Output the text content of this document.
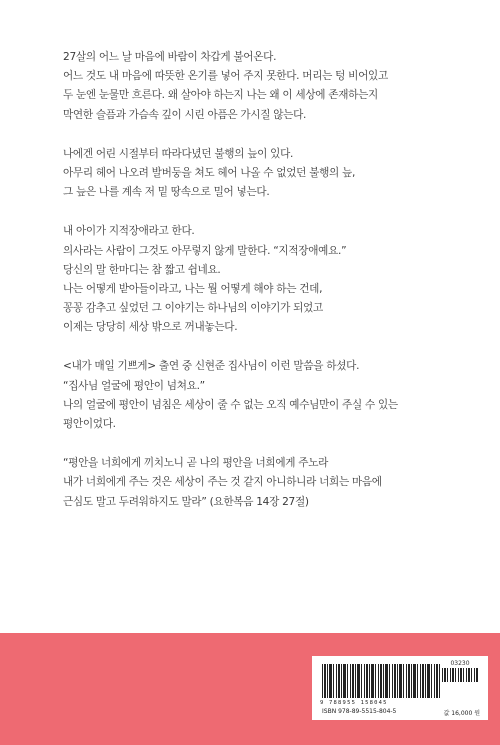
27살의 어느 날 마음에 바람이 차갑게 불어온다.
어느 것도 내 마음에 따뜻한 온기를 넣어 주지 못한다. 머리는 텅 비어있고
두 눈엔 눈물만 흐른다. 왜 살아야 하는지 나는 왜 이 세상에 존재하는지
막연한 슬픔과 가슴속 깊이 시린 아픔은 가시질 않는다.
나에겐 어린 시절부터 따라다녔던 불행의 늪이 있다.
아무리 헤어 나오려 발버둥을 쳐도 헤어 나올 수 없었던 불행의 늪,
그 늪은 나를 계속 저 밑 땅속으로 밀어 넣는다.
내 아이가 지적장애라고 한다.
의사라는 사람이 그것도 아무렇지 않게 말한다. “지적장애예요.”
당신의 말 한마디는 참 짧고 쉽네요.
나는 어떻게 받아들이라고, 나는 뭘 어떻게 해야 하는 건데,
꽁꽁 감추고 싶었던 그 이야기는 하나님의 이야기가 되었고
이제는 당당히 세상 밖으로 꺼내놓는다.
<내가 매일 기쁘게> 출연 중 신현준 집사님이 이런 말씀을 하셨다.
“집사님 얼굴에 평안이 넘쳐요.”
나의 얼굴에 평안이 넘침은 세상이 줄 수 없는 오직 예수님만이 주실 수 있는
평안이었다.
“평안을 너희에게 끼치노니 곧 나의 평안을 너희에게 주노라
내가 너희에게 주는 것은 세상이 주는 것 같지 아니하니라 너희는 마음에
근심도 말고 두려워하지도 말라” (요한복음 14장 27절)
03230
9 788955 158045
ISBN 978-89-5515-804-5	값 16,000 원
